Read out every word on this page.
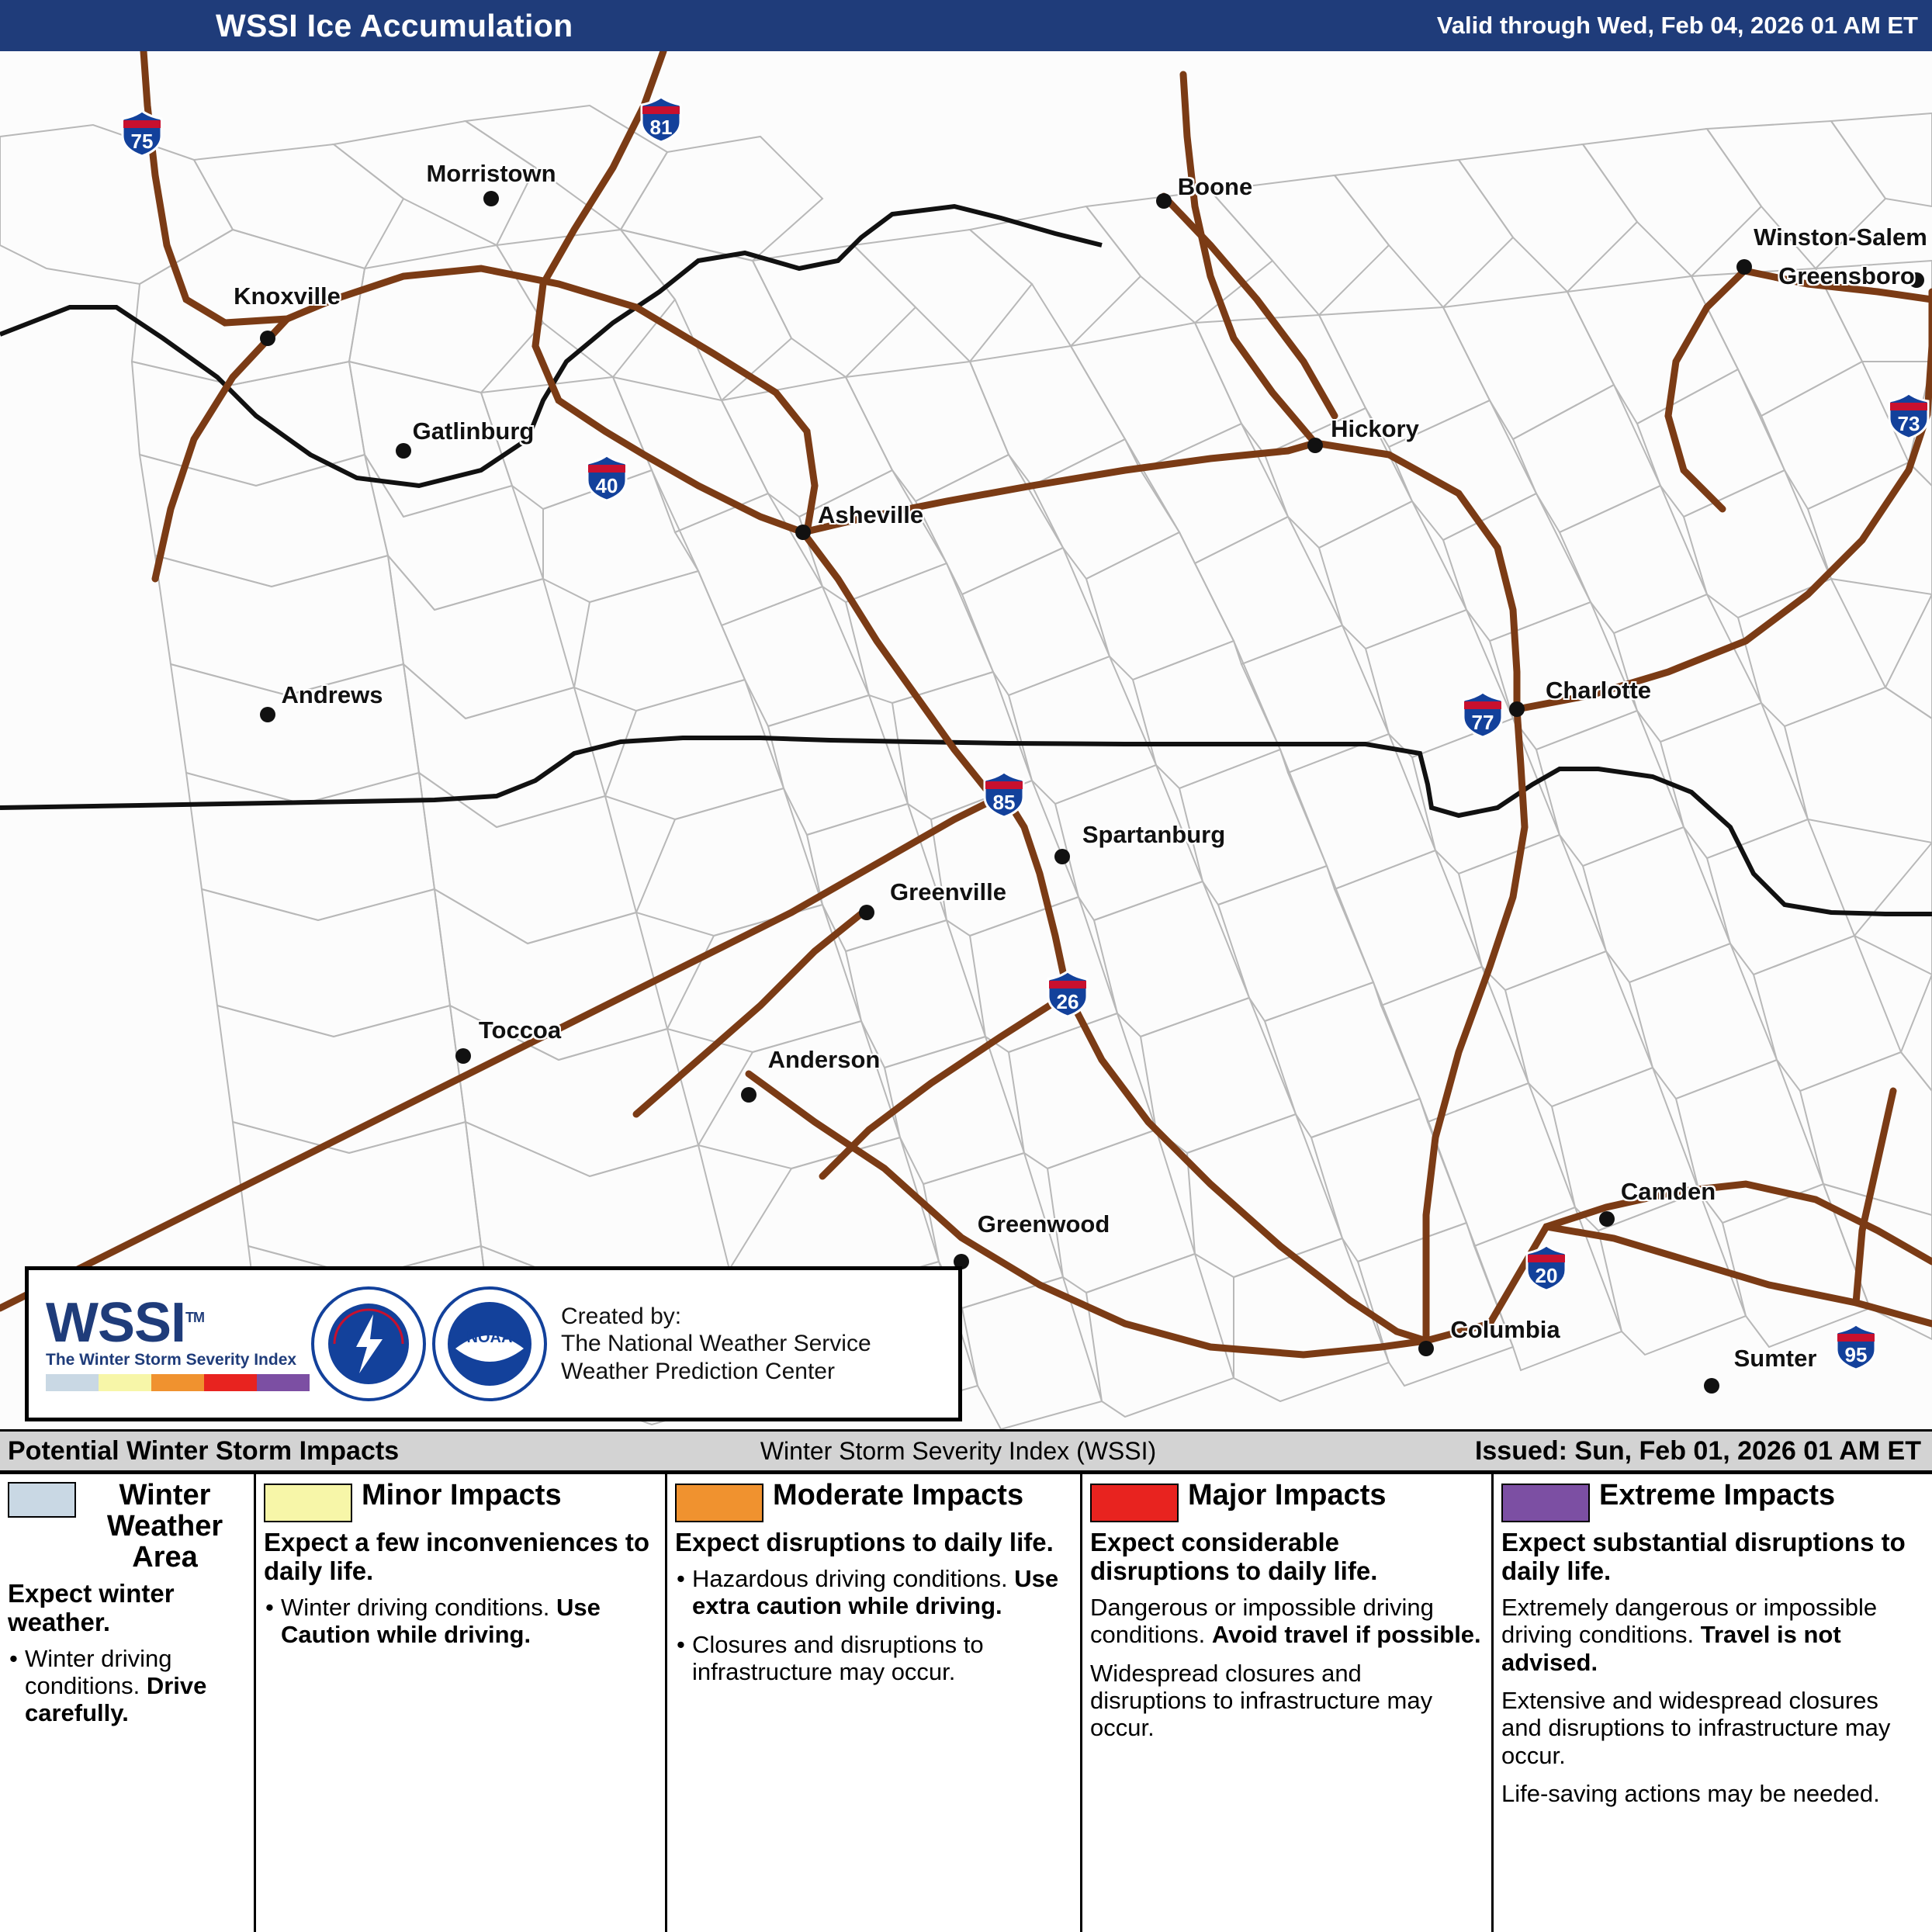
WSSI Ice Accumulation	Valid through Wed, Feb 04, 2026 01 AM ET
Morristown
Knoxville
Gatlinburg
Andrews
Asheville
Boone
Hickory
Winston-Salem
Greensboro
Charlotte
Spartanburg
Greenville
Toccoa
Anderson
Greenwood
Camden
Columbia
Sumter
75
81
40
73
77
85
26
20
95
WSSI™
The Winter Storm Severity Index
NOAA
Created by:
The National Weather Service
Weather Prediction Center
Potential Winter Storm Impacts	Winter Storm Severity Index (WSSI)	Issued: Sun, Feb 01, 2026 01 AM ET
Winter Weather Area
Expect winter weather.
• Winter driving conditions. Drive carefully.
Minor Impacts
Expect a few inconveniences to daily life.
• Winter driving conditions. Use Caution while driving.
Moderate Impacts
Expect disruptions to daily life.
• Hazardous driving conditions. Use extra caution while driving.
• Closures and disruptions to infrastructure may occur.
Major Impacts
Expect considerable disruptions to daily life.
Dangerous or impossible driving conditions. Avoid travel if possible.
Widespread closures and disruptions to infrastructure may occur.
Extreme Impacts
Expect substantial disruptions to daily life.
Extremely dangerous or impossible driving conditions. Travel is not advised.
Extensive and widespread closures and disruptions to infrastructure may occur.
Life-saving actions may be needed.
